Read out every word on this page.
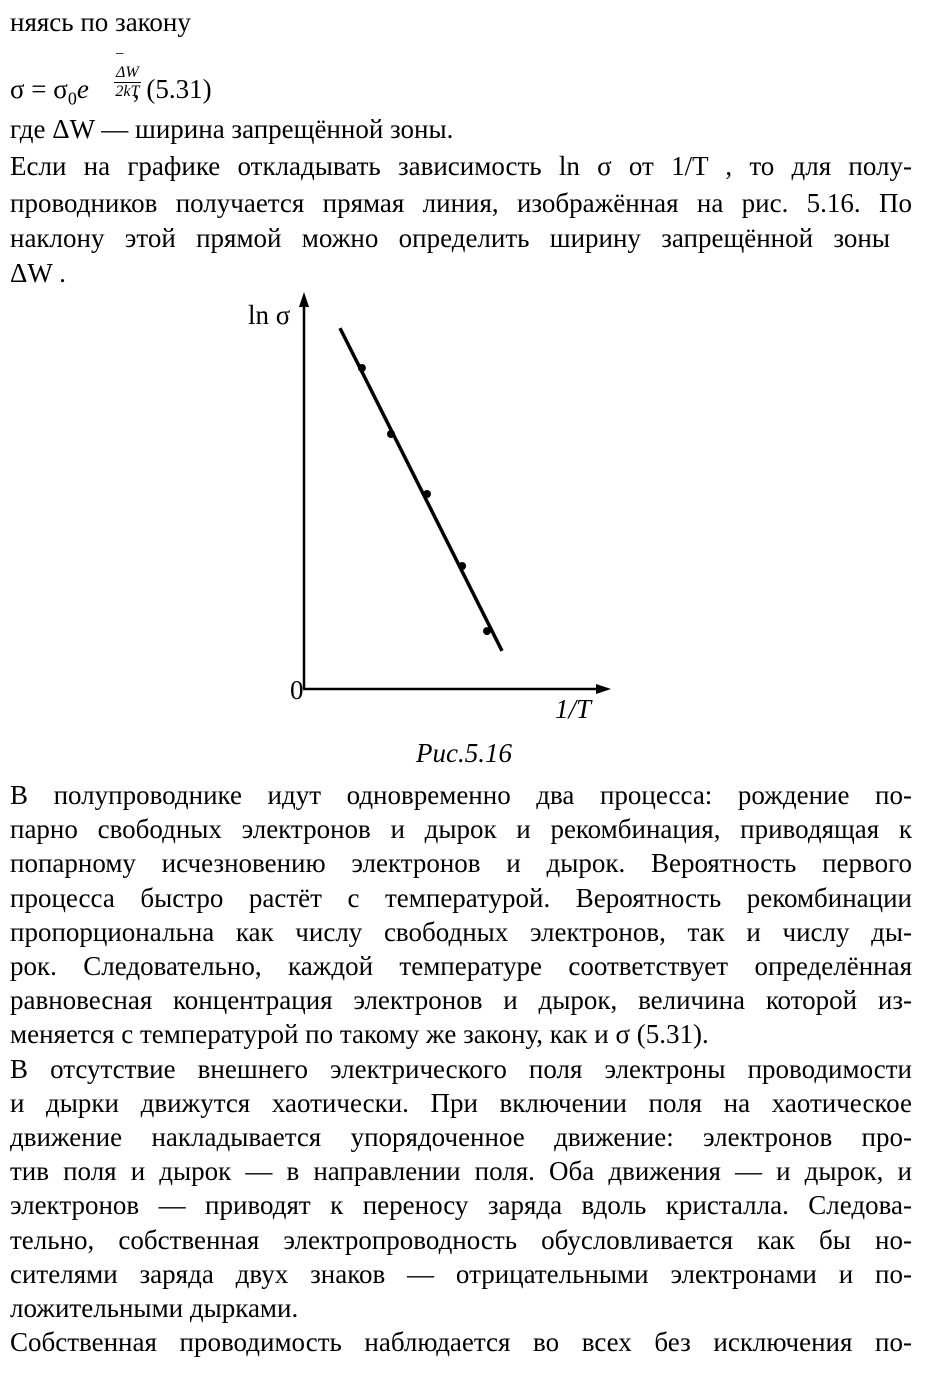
няясь по закону
−
$\frac{\Delta W}{2kT}$
$\sigma = \sigma_0e$ , (5.31)
где ΔW — ширина запрещённой зоны.
Если на графике откладывать зависимость ln σ от 1/T , то для полу-
проводников получается прямая линия, изображённая на рис. 5.16. По
наклону этой прямой можно определить ширину запрещённой зоны
ΔW .
ln σ
0
1/T
Рис.5.16
В полупроводнике идут одновременно два процесса: рождение по-
парно свободных электронов и дырок и рекомбинация, приводящая к
попарному исчезновению электронов и дырок. Вероятность первого
процесса быстро растёт с температурой. Вероятность рекомбинации
пропорциональна как числу свободных электронов, так и числу ды-
рок. Следовательно, каждой температуре соответствует определённая
равновесная концентрация электронов и дырок, величина которой из-
меняется с температурой по такому же закону, как и σ (5.31).
В отсутствие внешнего электрического поля электроны проводимости
и дырки движутся хаотически. При включении поля на хаотическое
движение накладывается упорядоченное движение: электронов про-
тив поля и дырок — в направлении поля. Оба движения — и дырок, и
электронов — приводят к переносу заряда вдоль кристалла. Следова-
тельно, собственная электропроводность обусловливается как бы но-
сителями заряда двух знаков — отрицательными электронами и по-
ложительными дырками.
Собственная проводимость наблюдается во всех без исключения по-
